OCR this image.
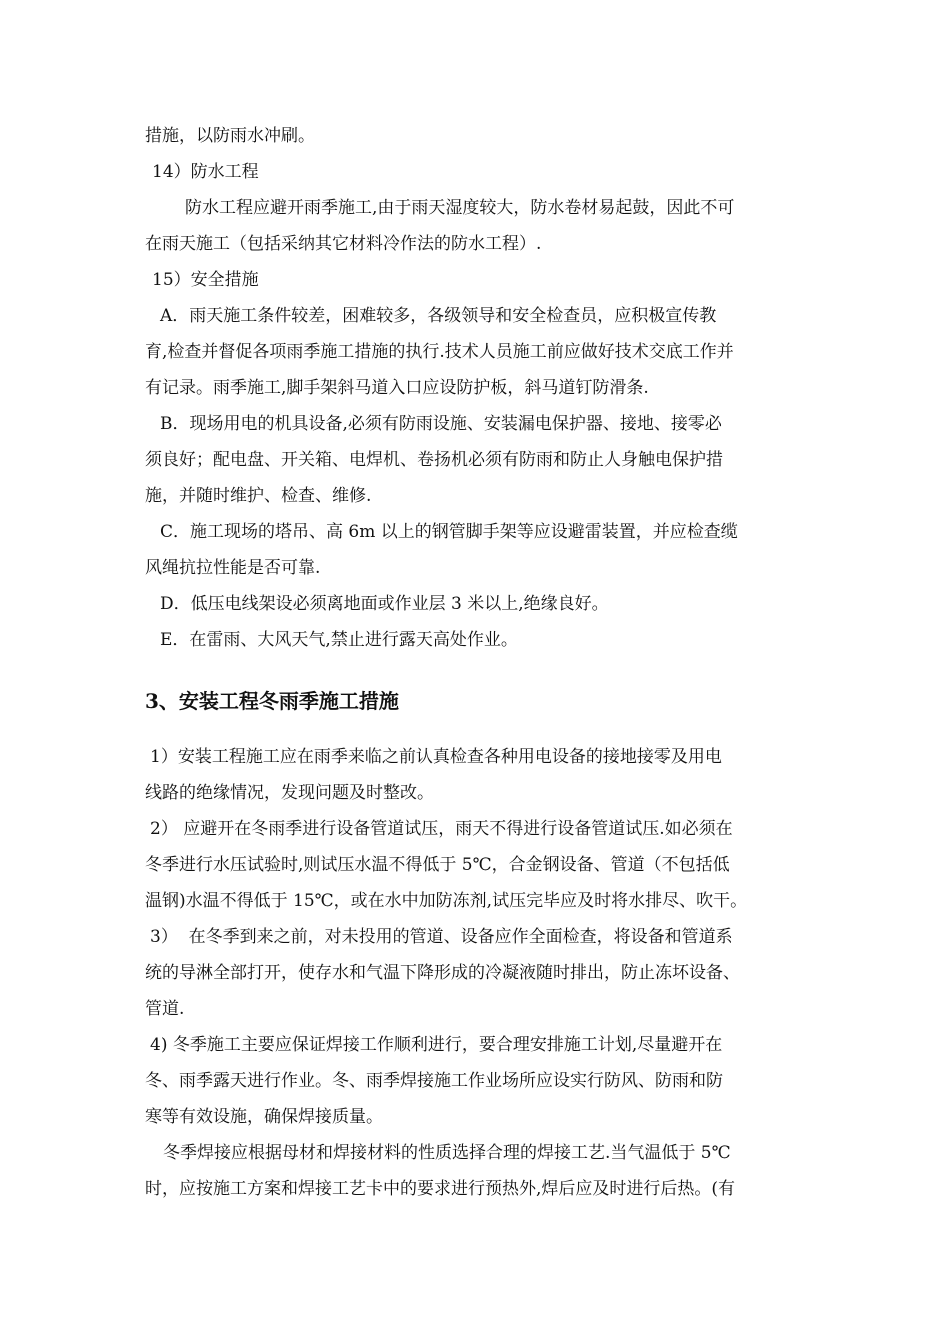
措施，以防雨水冲刷。
14）防水工程
防水工程应避开雨季施工,由于雨天湿度较大，防水卷材易起鼓，因此不可
在雨天施工（包括采纳其它材料冷作法的防水工程）.
15）安全措施
A．雨天施工条件较差，困难较多，各级领导和安全检查员，应积极宣传教
育,检查并督促各项雨季施工措施的执行.技术人员施工前应做好技术交底工作并
有记录。雨季施工,脚手架斜马道入口应设防护板，斜马道钉防滑条.
B．现场用电的机具设备,必须有防雨设施、安装漏电保护器、接地、接零必
须良好；配电盘、开关箱、电焊机、卷扬机必须有防雨和防止人身触电保护措
施，并随时维护、检查、维修.
C．施工现场的塔吊、高 6m 以上的钢管脚手架等应设避雷装置，并应检查缆
风绳抗拉性能是否可靠.
D．低压电线架设必须离地面或作业层 3 米以上,绝缘良好。
E．在雷雨、大风天气,禁止进行露天高处作业。
3、安装工程冬雨季施工措施
1）安装工程施工应在雨季来临之前认真检查各种用电设备的接地接零及用电
线路的绝缘情况，发现问题及时整改。
2） 应避开在冬雨季进行设备管道试压，雨天不得进行设备管道试压.如必须在
冬季进行水压试验时,则试压水温不得低于 5℃，合金钢设备、管道（不包括低
温钢)水温不得低于 15℃，或在水中加防冻剂,试压完毕应及时将水排尽、吹干。
3）  在冬季到来之前，对未投用的管道、设备应作全面检查，将设备和管道系
统的导淋全部打开，使存水和气温下降形成的冷凝液随时排出，防止冻坏设备、
管道.
4) 冬季施工主要应保证焊接工作顺利进行，要合理安排施工计划,尽量避开在
冬、雨季露天进行作业。冬、雨季焊接施工作业场所应设实行防风、防雨和防
寒等有效设施，确保焊接质量。
冬季焊接应根据母材和焊接材料的性质选择合理的焊接工艺.当气温低于 5℃
时，应按施工方案和焊接工艺卡中的要求进行预热外,焊后应及时进行后热。(有
